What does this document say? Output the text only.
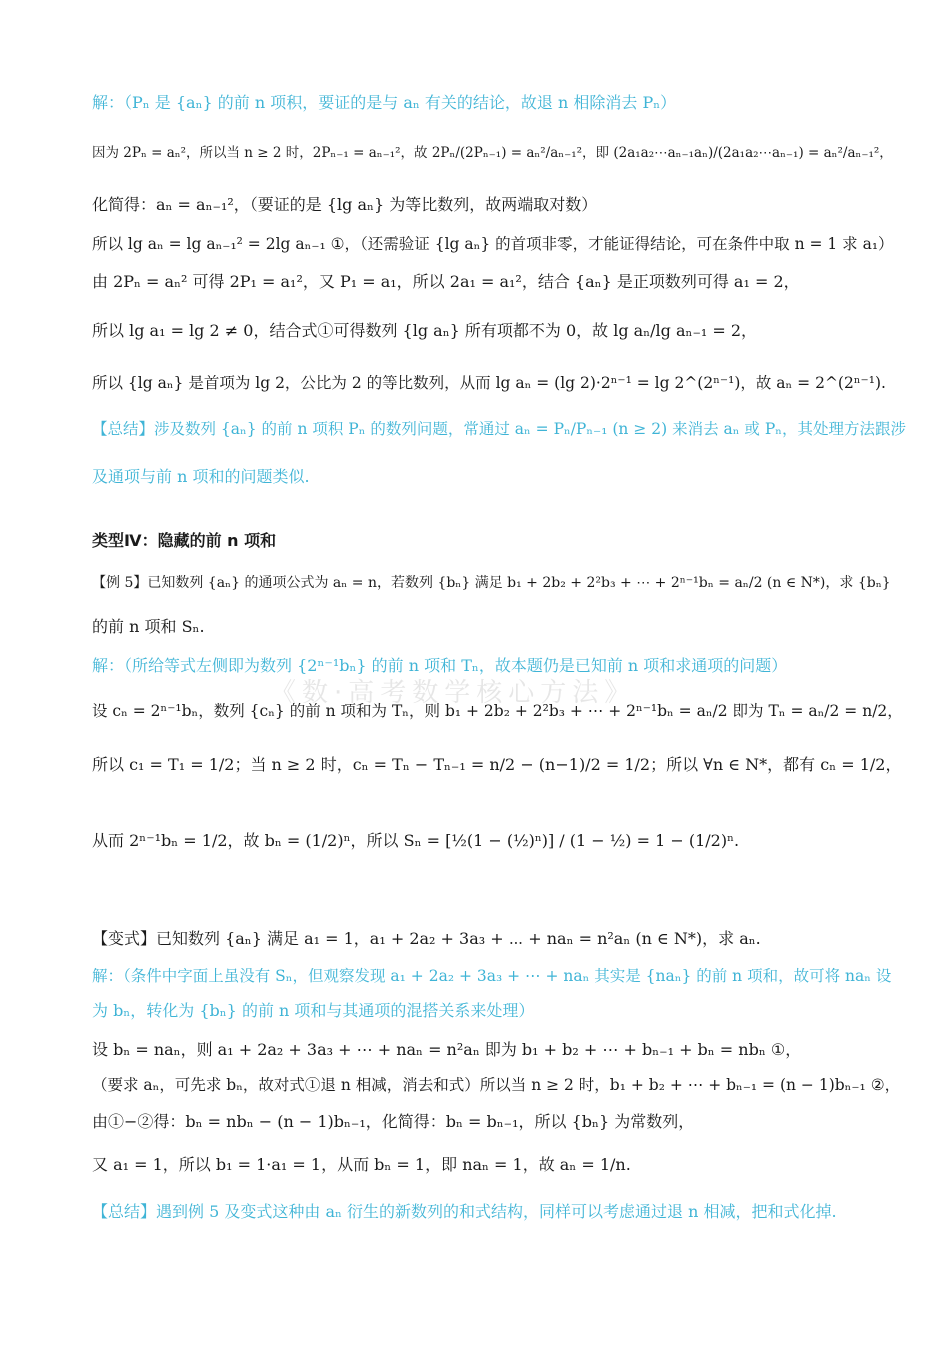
《数·高考数学核心方法》
解：（Pₙ 是 {aₙ} 的前 n 项积，要证的是与 aₙ 有关的结论，故退 n 相除消去 Pₙ）
因为 2Pₙ = aₙ²，所以当 n ≥ 2 时，2Pₙ₋₁ = aₙ₋₁²，故 2Pₙ/(2Pₙ₋₁) = aₙ²/aₙ₋₁²，即 (2a₁a₂⋯aₙ₋₁aₙ)/(2a₁a₂⋯aₙ₋₁) = aₙ²/aₙ₋₁²，
化简得：aₙ = aₙ₋₁²，（要证的是 {lg aₙ} 为等比数列，故两端取对数）
所以 lg aₙ = lg aₙ₋₁² = 2lg aₙ₋₁ ①，（还需验证 {lg aₙ} 的首项非零，才能证得结论，可在条件中取 n = 1 求 a₁）
由 2Pₙ = aₙ² 可得 2P₁ = a₁²，又 P₁ = a₁，所以 2a₁ = a₁²，结合 {aₙ} 是正项数列可得 a₁ = 2，
所以 lg a₁ = lg 2 ≠ 0，结合式①可得数列 {lg aₙ} 所有项都不为 0，故 lg aₙ/lg aₙ₋₁ = 2，
所以 {lg aₙ} 是首项为 lg 2，公比为 2 的等比数列，从而 lg aₙ = (lg 2)·2ⁿ⁻¹ = lg 2^(2ⁿ⁻¹)，故 aₙ = 2^(2ⁿ⁻¹).
【总结】涉及数列 {aₙ} 的前 n 项积 Pₙ 的数列问题，常通过 aₙ = Pₙ/Pₙ₋₁ (n ≥ 2) 来消去 aₙ 或 Pₙ，其处理方法跟涉
及通项与前 n 项和的问题类似.
类型Ⅳ：隐藏的前 n 项和
【例 5】已知数列 {aₙ} 的通项公式为 aₙ = n，若数列 {bₙ} 满足 b₁ + 2b₂ + 2²b₃ + ⋯ + 2ⁿ⁻¹bₙ = aₙ/2 (n ∈ N*)，求 {bₙ}
的前 n 项和 Sₙ.
解：（所给等式左侧即为数列 {2ⁿ⁻¹bₙ} 的前 n 项和 Tₙ，故本题仍是已知前 n 项和求通项的问题）
设 cₙ = 2ⁿ⁻¹bₙ，数列 {cₙ} 的前 n 项和为 Tₙ，则 b₁ + 2b₂ + 2²b₃ + ⋯ + 2ⁿ⁻¹bₙ = aₙ/2 即为 Tₙ = aₙ/2 = n/2，
所以 c₁ = T₁ = 1/2；当 n ≥ 2 时，cₙ = Tₙ − Tₙ₋₁ = n/2 − (n−1)/2 = 1/2；所以 ∀n ∈ N*，都有 cₙ = 1/2，
从而 2ⁿ⁻¹bₙ = 1/2，故 bₙ = (1/2)ⁿ，所以 Sₙ = [½(1 − (½)ⁿ)] / (1 − ½) = 1 − (1/2)ⁿ.
【变式】已知数列 {aₙ} 满足 a₁ = 1，a₁ + 2a₂ + 3a₃ + ⋯ + naₙ = n²aₙ (n ∈ N*)，求 aₙ.
解：（条件中字面上虽没有 Sₙ，但观察发现 a₁ + 2a₂ + 3a₃ + ⋯ + naₙ 其实是 {naₙ} 的前 n 项和，故可将 naₙ 设
为 bₙ，转化为 {bₙ} 的前 n 项和与其通项的混搭关系来处理）
设 bₙ = naₙ，则 a₁ + 2a₂ + 3a₃ + ⋯ + naₙ = n²aₙ 即为 b₁ + b₂ + ⋯ + bₙ₋₁ + bₙ = nbₙ ①，
（要求 aₙ，可先求 bₙ，故对式①退 n 相减，消去和式）所以当 n ≥ 2 时，b₁ + b₂ + ⋯ + bₙ₋₁ = (n − 1)bₙ₋₁ ②，
由①−②得：bₙ = nbₙ − (n − 1)bₙ₋₁，化简得：bₙ = bₙ₋₁，所以 {bₙ} 为常数列，
又 a₁ = 1，所以 b₁ = 1·a₁ = 1，从而 bₙ = 1，即 naₙ = 1，故 aₙ = 1/n.
【总结】遇到例 5 及变式这种由 aₙ 衍生的新数列的和式结构，同样可以考虑通过退 n 相减，把和式化掉.
